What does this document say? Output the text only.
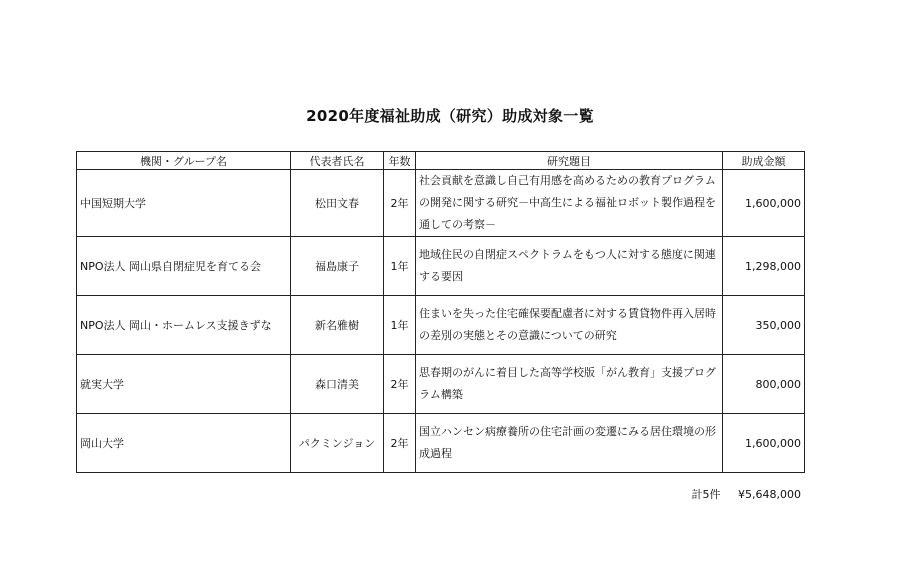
2020年度福祉助成（研究）助成対象一覧
機関・グループ名	代表者氏名	年数	研究題目	助成金額
中国短期大学	松田文春	2年	社会貢献を意識し自己有用感を高めるための教育プログラムの開発に関する研究－中高生による福祉ロボット製作過程を通しての考察－	1,600,000
NPO法人 岡山県自閉症児を育てる会	福島康子	1年	地域住民の自閉症スペクトラムをもつ人に対する態度に関連する要因	1,298,000
NPO法人 岡山・ホームレス支援きずな	新名雅樹	1年	住まいを失った住宅確保要配慮者に対する賃貸物件再入居時の差別の実態とその意識についての研究	350,000
就実大学	森口清美	2年	思春期のがんに着目した高等学校版「がん教育」支援プログラム構築	800,000
岡山大学	パクミンジョン	2年	国立ハンセン病療養所の住宅計画の変遷にみる居住環境の形成過程	1,600,000
計5件 ¥5,648,000
